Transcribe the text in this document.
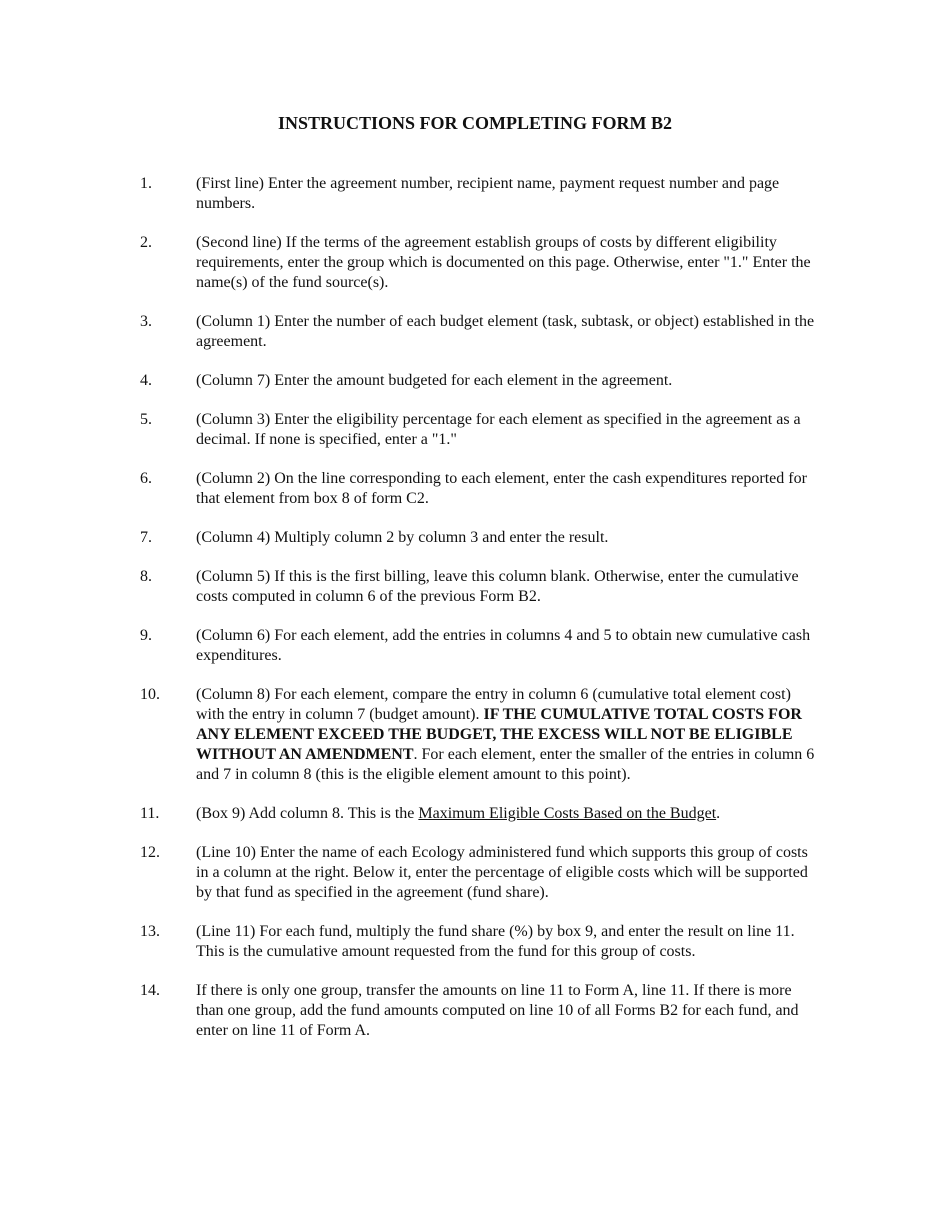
INSTRUCTIONS FOR COMPLETING FORM B2
1.	(First line) Enter the agreement number, recipient name, payment request number and page numbers.
2.	(Second line) If the terms of the agreement establish groups of costs by different eligibility requirements, enter the group which is documented on this page. Otherwise, enter "1." Enter the name(s) of the fund source(s).
3.	(Column 1) Enter the number of each budget element (task, subtask, or object) established in the agreement.
4.	(Column 7) Enter the amount budgeted for each element in the agreement.
5.	(Column 3) Enter the eligibility percentage for each element as specified in the agreement as a decimal. If none is specified, enter a "1."
6.	(Column 2) On the line corresponding to each element, enter the cash expenditures reported for that element from box 8 of form C2.
7.	(Column 4) Multiply column 2 by column 3 and enter the result.
8.	(Column 5) If this is the first billing, leave this column blank. Otherwise, enter the cumulative costs computed in column 6 of the previous Form B2.
9.	(Column 6) For each element, add the entries in columns 4 and 5 to obtain new cumulative cash expenditures.
10.	(Column 8) For each element, compare the entry in column 6 (cumulative total element cost) with the entry in column 7 (budget amount). IF THE CUMULATIVE TOTAL COSTS FOR ANY ELEMENT EXCEED THE BUDGET, THE EXCESS WILL NOT BE ELIGIBLE WITHOUT AN AMENDMENT. For each element, enter the smaller of the entries in column 6 and 7 in column 8 (this is the eligible element amount to this point).
11.	(Box 9) Add column 8. This is the Maximum Eligible Costs Based on the Budget.
12.	(Line 10) Enter the name of each Ecology administered fund which supports this group of costs in a column at the right. Below it, enter the percentage of eligible costs which will be supported by that fund as specified in the agreement (fund share).
13.	(Line 11) For each fund, multiply the fund share (%) by box 9, and enter the result on line 11. This is the cumulative amount requested from the fund for this group of costs.
14.	If there is only one group, transfer the amounts on line 11 to Form A, line 11. If there is more than one group, add the fund amounts computed on line 10 of all Forms B2 for each fund, and enter on line 11 of Form A.
